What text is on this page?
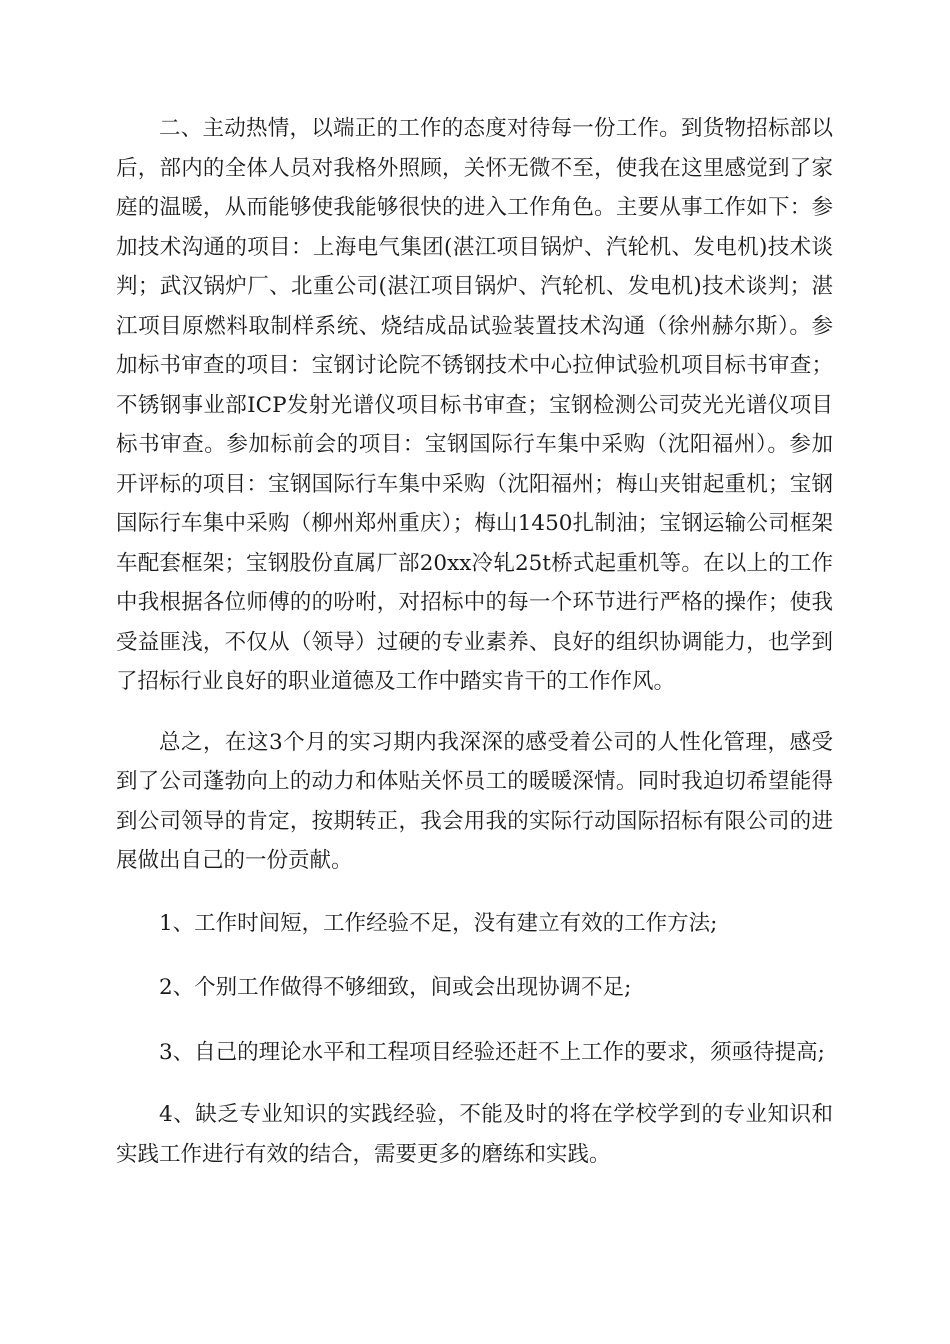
二、主动热情，以端正的工作的态度对待每一份工作。到货物招标部以后，部内的全体人员对我格外照顾，关怀无微不至，使我在这里感觉到了家庭的温暖，从而能够使我能够很快的进入工作角色。主要从事工作如下：参加技术沟通的项目：上海电气集团(湛江项目锅炉、汽轮机、发电机)技术谈判；武汉锅炉厂、北重公司(湛江项目锅炉、汽轮机、发电机)技术谈判；湛江项目原燃料取制样系统、烧结成品试验装置技术沟通（徐州赫尔斯）。参加标书审查的项目：宝钢讨论院不锈钢技术中心拉伸试验机项目标书审查；不锈钢事业部ICP发射光谱仪项目标书审查；宝钢检测公司荧光光谱仪项目标书审查。参加标前会的项目：宝钢国际行车集中采购（沈阳福州）。参加开评标的项目：宝钢国际行车集中采购（沈阳福州；梅山夹钳起重机；宝钢国际行车集中采购（柳州郑州重庆）；梅山1450扎制油；宝钢运输公司框架车配套框架；宝钢股份直属厂部20xx冷轧25t桥式起重机等。在以上的工作中我根据各位师傅的的吩咐，对招标中的每一个环节进行严格的操作；使我受益匪浅，不仅从（领导）过硬的专业素养、良好的组织协调能力，也学到了招标行业良好的职业道德及工作中踏实肯干的工作作风。

总之，在这3个月的实习期内我深深的感受着公司的人性化管理，感受到了公司蓬勃向上的动力和体贴关怀员工的暖暖深情。同时我迫切希望能得到公司领导的肯定，按期转正，我会用我的实际行动国际招标有限公司的进展做出自己的一份贡献。

1、工作时间短，工作经验不足，没有建立有效的工作方法;

2、个别工作做得不够细致，间或会出现协调不足;

3、自己的理论水平和工程项目经验还赶不上工作的要求，须亟待提高;

4、缺乏专业知识的实践经验，不能及时的将在学校学到的专业知识和实践工作进行有效的结合，需要更多的磨练和实践。
